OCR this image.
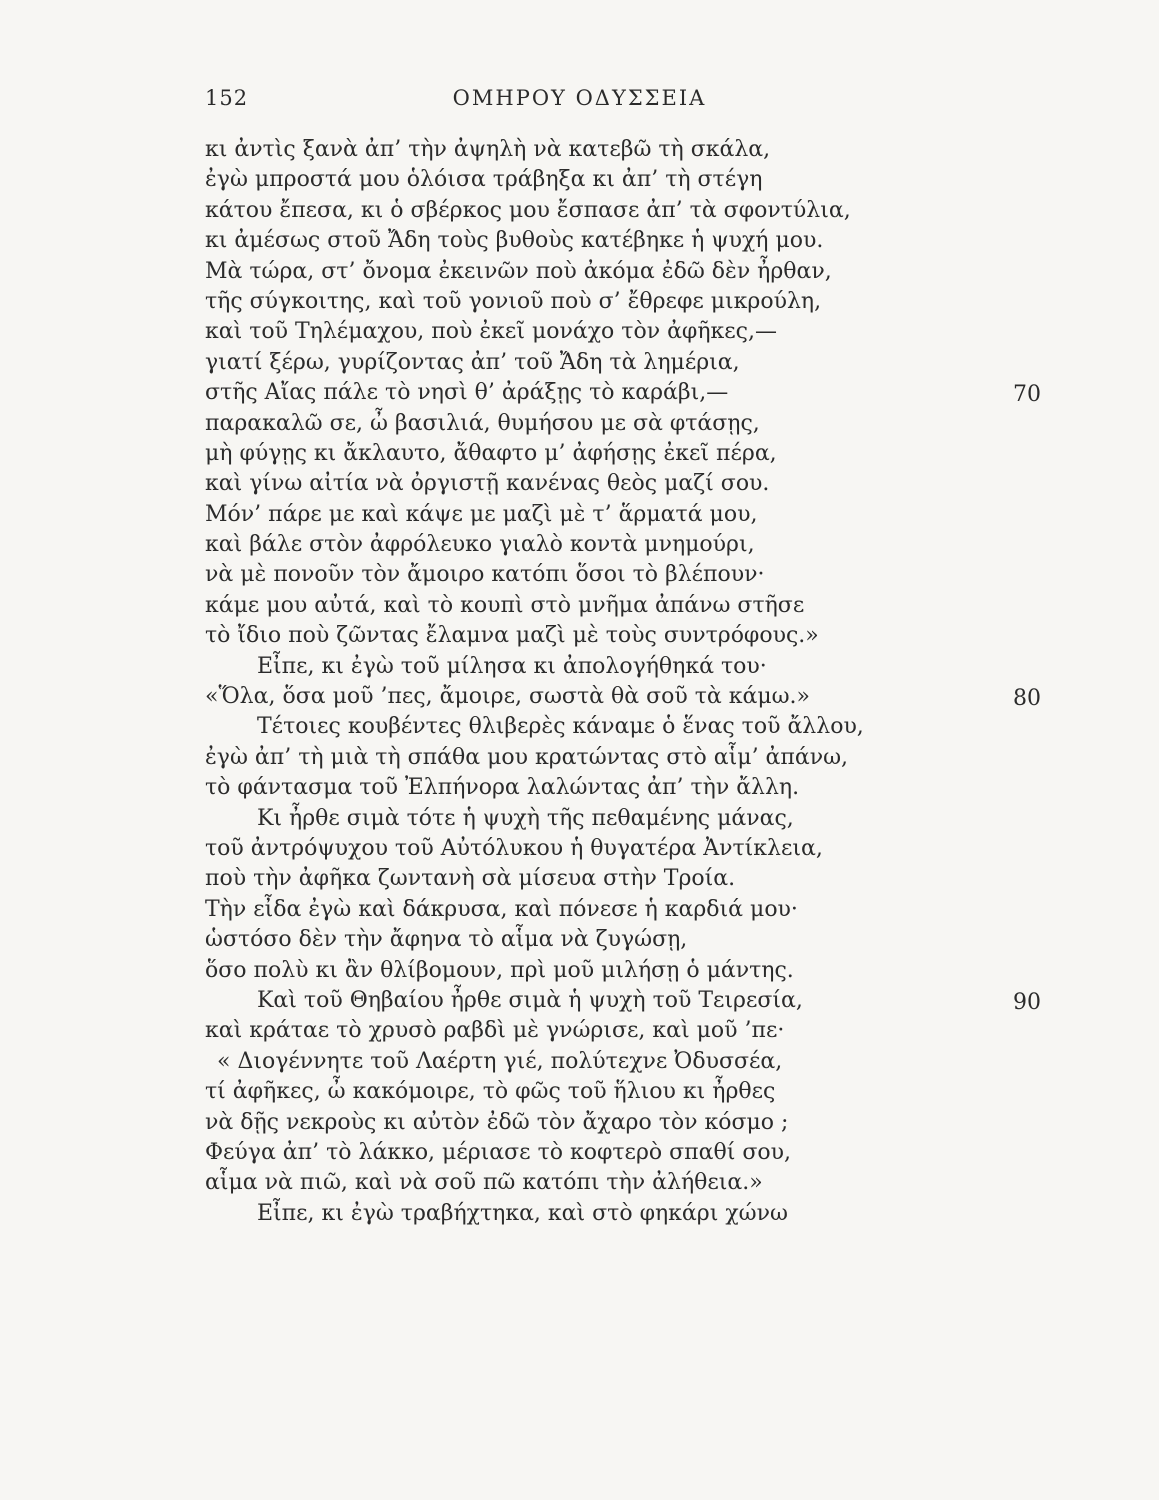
152	ΟΜΗΡΟΥ ΟΔΥΣΣΕΙΑ
κι ἀντὶς ξανὰ ἀπ’ τὴν ἀψηλὴ νὰ κατεβῶ τὴ σκάλα,
ἐγὼ μπροστά μου ὁλόισα τράβηξα κι ἀπ’ τὴ στέγη
κάτου ἔπεσα, κι ὁ σβέρκος μου ἔσπασε ἀπ’ τὰ σφοντύλια,
κι ἀμέσως στοῦ Ἄδη τοὺς βυθοὺς κατέβηκε ἡ ψυχή μου.
Μὰ τώρα, στ’ ὄνομα ἐκεινῶν ποὺ ἀκόμα ἐδῶ δὲν ἦρθαν,
τῆς σύγκοιτης, καὶ τοῦ γονιοῦ ποὺ σ’ ἔθρεφε μικρούλη,
καὶ τοῦ Τηλέμαχου, ποὺ ἐκεῖ μονάχο τὸν ἀφῆκες,—
γιατί ξέρω, γυρίζοντας ἀπ’ τοῦ Ἄδη τὰ λημέρια,
στῆς Αἴας πάλε τὸ νησὶ θ’ ἀράξῃς τὸ καράβι,—	70
παρακαλῶ σε, ὦ βασιλιά, θυμήσου με σὰ φτάσῃς,
μὴ φύγῃς κι ἄκλαυτο, ἄθαφτο μ’ ἀφήσῃς ἐκεῖ πέρα,
καὶ γίνω αἰτία νὰ ὀργιστῇ κανένας θεὸς μαζί σου.
Μόν’ πάρε με καὶ κάψε με μαζὶ μὲ τ’ ἅρματά μου,
καὶ βάλε στὸν ἀφρόλευκο γιαλὸ κοντὰ μνημούρι,
νὰ μὲ πονοῦν τὸν ἄμοιρο κατόπι ὅσοι τὸ βλέπουν·
κάμε μου αὐτά, καὶ τὸ κουπὶ στὸ μνῆμα ἀπάνω στῆσε
τὸ ἴδιο ποὺ ζῶντας ἔλαμνα μαζὶ μὲ τοὺς συντρόφους.»
Εἶπε, κι ἐγὼ τοῦ μίλησα κι ἀπολογήθηκά του·
«Ὅλα, ὅσα μοῦ ’πες, ἄμοιρε, σωστὰ θὰ σοῦ τὰ κάμω.»	80
Τέτοιες κουβέντες θλιβερὲς κάναμε ὁ ἕνας τοῦ ἄλλου,
ἐγὼ ἀπ’ τὴ μιὰ τὴ σπάθα μου κρατώντας στὸ αἷμ’ ἀπάνω,
τὸ φάντασμα τοῦ Ἐλπήνορα λαλώντας ἀπ’ τὴν ἄλλη.
Κι ἦρθε σιμὰ τότε ἡ ψυχὴ τῆς πεθαμένης μάνας,
τοῦ ἀντρόψυχου τοῦ Αὐτόλυκου ἡ θυγατέρα Ἀντίκλεια,
ποὺ τὴν ἀφῆκα ζωντανὴ σὰ μίσευα στὴν Τροία.
Τὴν εἶδα ἐγὼ καὶ δάκρυσα, καὶ πόνεσε ἡ καρδιά μου·
ὡστόσο δὲν τὴν ἄφηνα τὸ αἷμα νὰ ζυγώσῃ,
ὅσο πολὺ κι ἂν θλίβομουν, πρὶ μοῦ μιλήσῃ ὁ μάντης.
Καὶ τοῦ Θηβαίου ἦρθε σιμὰ ἡ ψυχὴ τοῦ Τειρεσία,	90
καὶ κράταε τὸ χρυσὸ ραβδὶ μὲ γνώρισε, καὶ μοῦ ’πε·
« Διογέννητε τοῦ Λαέρτη γιέ, πολύτεχνε Ὀδυσσέα,
τί ἀφῆκες, ὦ κακόμοιρε, τὸ φῶς τοῦ ἥλιου κι ἦρθες
νὰ δῇς νεκροὺς κι αὐτὸν ἐδῶ τὸν ἄχαρο τὸν κόσμο ;
Φεύγα ἀπ’ τὸ λάκκο, μέριασε τὸ κοφτερὸ σπαθί σου,
αἷμα νὰ πιῶ, καὶ νὰ σοῦ πῶ κατόπι τὴν ἀλήθεια.»
Εἶπε, κι ἐγὼ τραβήχτηκα, καὶ στὸ φηκάρι χώνω
